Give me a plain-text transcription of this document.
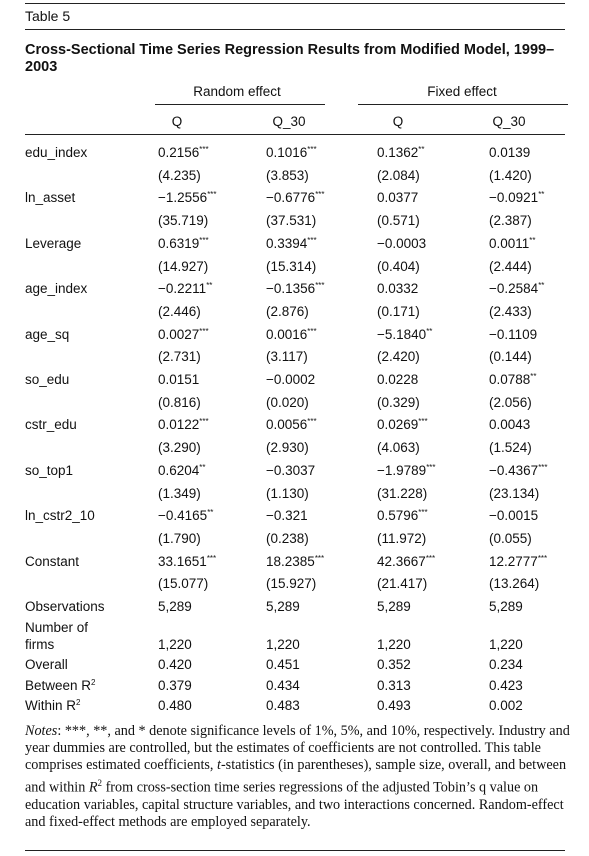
Table 5
Cross-Sectional Time Series Regression Results from Modified Model, 1999–2003
Random effect	Fixed effect
Q	Q_30	Q	Q_30
edu_index	0.2156***	0.1016***	0.1362**	0.0139
(4.235)	(3.853)	(2.084)	(1.420)
ln_asset	−1.2556***	−0.6776***	0.0377	−0.0921**
(35.719)	(37.531)	(0.571)	(2.387)
Leverage	0.6319***	0.3394***	−0.0003	0.0011**
(14.927)	(15.314)	(0.404)	(2.444)
age_index	−0.2211**	−0.1356***	0.0332	−0.2584**
(2.446)	(2.876)	(0.171)	(2.433)
age_sq	0.0027***	0.0016***	−5.1840**	−0.1109
(2.731)	(3.117)	(2.420)	(0.144)
so_edu	0.0151	−0.0002	0.0228	0.0788**
(0.816)	(0.020)	(0.329)	(2.056)
cstr_edu	0.0122***	0.0056***	0.0269***	0.0043
(3.290)	(2.930)	(4.063)	(1.524)
so_top1	0.6204**	−0.3037	−1.9789***	−0.4367***
(1.349)	(1.130)	(31.228)	(23.134)
ln_cstr2_10	−0.4165**	−0.321	0.5796***	−0.0015
(1.790)	(0.238)	(11.972)	(0.055)
Constant	33.1651***	18.2385***	42.3667***	12.2777***
(15.077)	(15.927)	(21.417)	(13.264)
Observations	5,289	5,289	5,289	5,289
Number of
firms	1,220	1,220	1,220	1,220
Overall	0.420	0.451	0.352	0.234
Between $R^2$	0.379	0.434	0.313	0.423
Within $R^2$	0.480	0.483	0.493	0.002
Notes: ***, **, and * denote significance levels of 1%, 5%, and 10%, respectively. Industry and year dummies are controlled, but the estimates of coefficients are not controlled. This table comprises estimated coefficients, t-statistics (in parentheses), sample size, overall, and between and within $R^2$ from cross-section time series regressions of the adjusted Tobin’s q value on education variables, capital structure variables, and two interactions concerned. Random-effect and fixed-effect methods are employed separately.
